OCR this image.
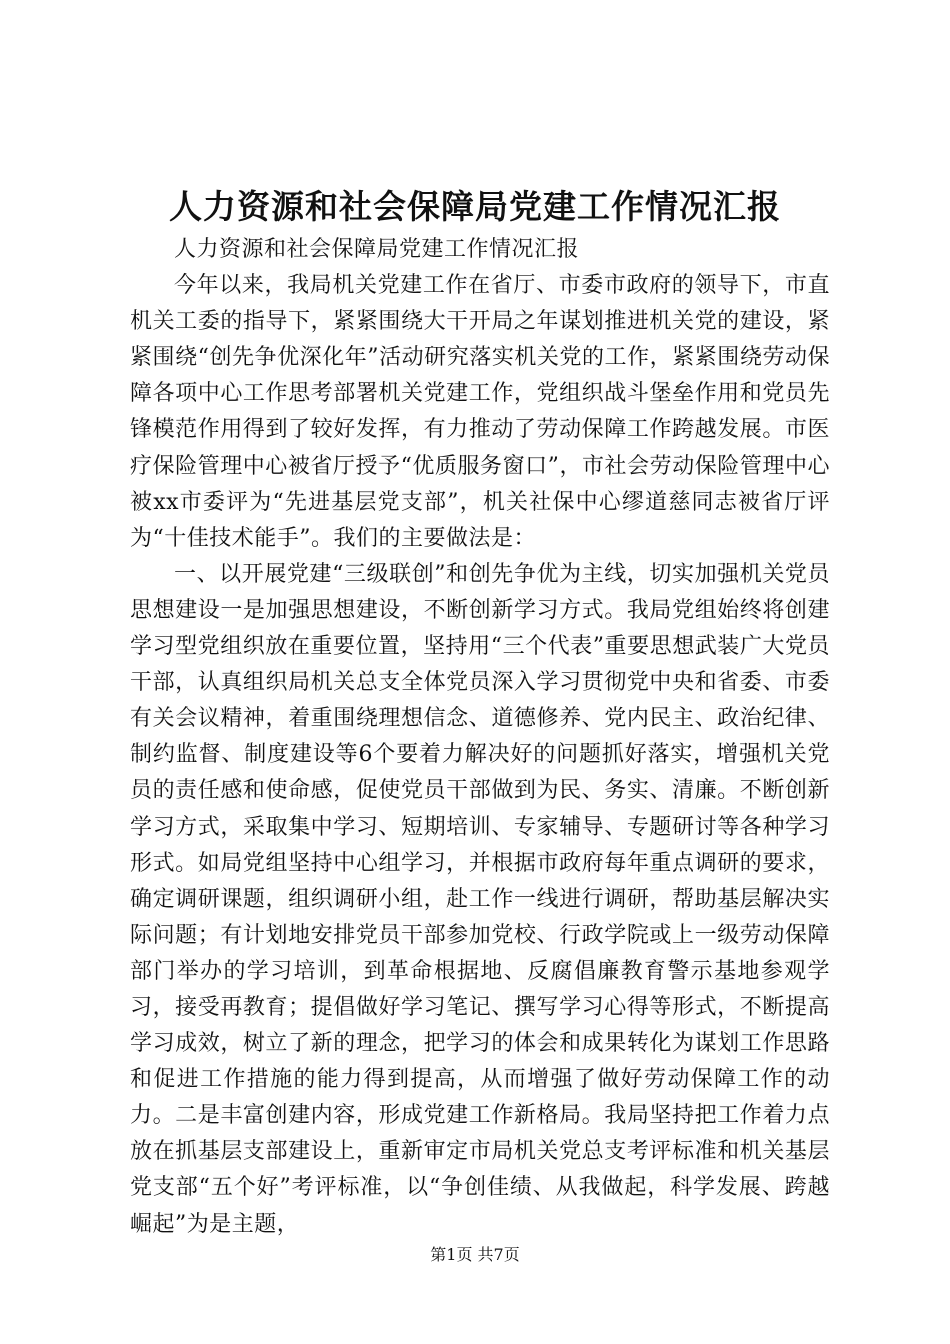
人力资源和社会保障局党建工作情况汇报

人力资源和社会保障局党建工作情况汇报

今年以来，我局机关党建工作在省厅、市委市政府的领导下，市直机关工委的指导下，紧紧围绕大干开局之年谋划推进机关党的建设，紧紧围绕“创先争优深化年”活动研究落实机关党的工作，紧紧围绕劳动保障各项中心工作思考部署机关党建工作，党组织战斗堡垒作用和党员先锋模范作用得到了较好发挥，有力推动了劳动保障工作跨越发展。市医疗保险管理中心被省厅授予“优质服务窗口”，市社会劳动保险管理中心被xx市委评为“先进基层党支部”，机关社保中心缪道慈同志被省厅评为“十佳技术能手”。我们的主要做法是：

一、以开展党建“三级联创”和创先争优为主线，切实加强机关党员思想建设一是加强思想建设，不断创新学习方式。我局党组始终将创建学习型党组织放在重要位置，坚持用“三个代表”重要思想武装广大党员干部，认真组织局机关总支全体党员深入学习贯彻党中央和省委、市委有关会议精神，着重围绕理想信念、道德修养、党内民主、政治纪律、制约监督、制度建设等6个要着力解决好的问题抓好落实，增强机关党员的责任感和使命感，促使党员干部做到为民、务实、清廉。不断创新学习方式，采取集中学习、短期培训、专家辅导、专题研讨等各种学习形式。如局党组坚持中心组学习，并根据市政府每年重点调研的要求，确定调研课题，组织调研小组，赴工作一线进行调研，帮助基层解决实际问题；有计划地安排党员干部参加党校、行政学院或上一级劳动保障部门举办的学习培训，到革命根据地、反腐倡廉教育警示基地参观学习，接受再教育；提倡做好学习笔记、撰写学习心得等形式，不断提高学习成效，树立了新的理念，把学习的体会和成果转化为谋划工作思路和促进工作措施的能力得到提高，从而增强了做好劳动保障工作的动力。二是丰富创建内容，形成党建工作新格局。我局坚持把工作着力点放在抓基层支部建设上，重新审定市局机关党总支考评标准和机关基层党支部“五个好”考评标准，以“争创佳绩、从我做起，科学发展、跨越崛起”为是主题，

第1页 共7页
